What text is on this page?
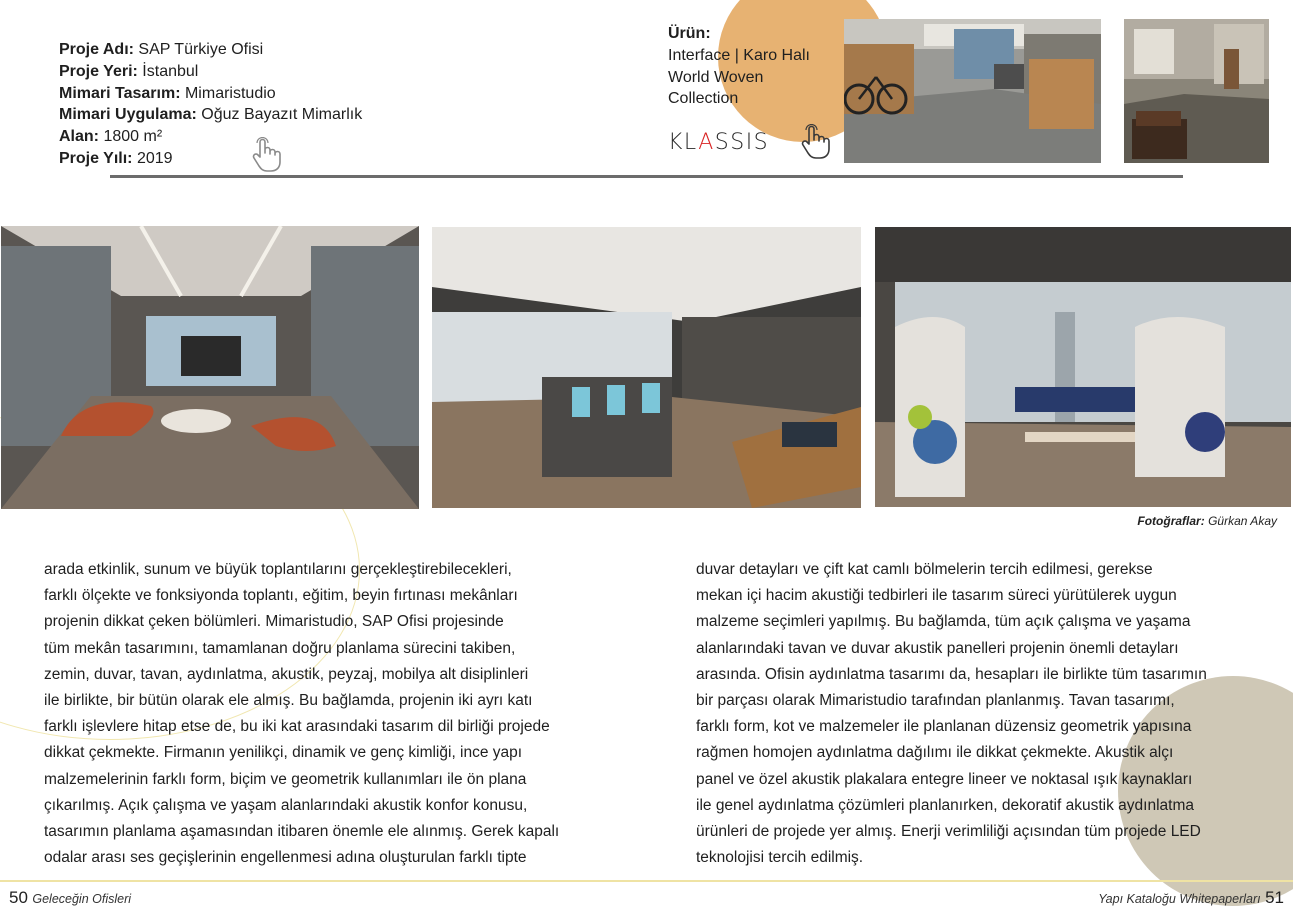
Proje Adı: SAP Türkiye Ofisi
Proje Yeri: İstanbul
Mimari Tasarım: Mimaristudio
Mimari Uygulama: Oğuz Bayazıt Mimarlık
Alan: 1800 m²
Proje Yılı: 2019
Ürün:
Interface | Karo Halı
World Woven
Collection
KLASSIS
Fotoğraflar: Gürkan Akay
arada etkinlik, sunum ve büyük toplantılarını gerçekleştirebilecekleri,
farklı ölçekte ve fonksiyonda toplantı, eğitim, beyin fırtınası mekânları
projenin dikkat çeken bölümleri. Mimaristudio, SAP Ofisi projesinde
tüm mekân tasarımını, tamamlanan doğru planlama sürecini takiben,
zemin, duvar, tavan, aydınlatma, akustik, peyzaj, mobilya alt disiplinleri
ile birlikte, bir bütün olarak ele almış. Bu bağlamda, projenin iki ayrı katı
farklı işlevlere hitap etse de, bu iki kat arasındaki tasarım dil birliği projede
dikkat çekmekte. Firmanın yenilikçi, dinamik ve genç kimliği, ince yapı
malzemelerinin farklı form, biçim ve geometrik kullanımları ile ön plana
çıkarılmış. Açık çalışma ve yaşam alanlarındaki akustik konfor konusu,
tasarımın planlama aşamasından itibaren önemle ele alınmış. Gerek kapalı
odalar arası ses geçişlerinin engellenmesi adına oluşturulan farklı tipte
duvar detayları ve çift kat camlı bölmelerin tercih edilmesi, gerekse
mekan içi hacim akustiği tedbirleri ile tasarım süreci yürütülerek uygun
malzeme seçimleri yapılmış. Bu bağlamda, tüm açık çalışma ve yaşama
alanlarındaki tavan ve duvar akustik panelleri projenin önemli detayları
arasında. Ofisin aydınlatma tasarımı da, hesapları ile birlikte tüm tasarımın
bir parçası olarak Mimaristudio tarafından planlanmış. Tavan tasarımı,
farklı form, kot ve malzemeler ile planlanan düzensiz geometrik yapısına
rağmen homojen aydınlatma dağılımı ile dikkat çekmekte. Akustik alçı
panel ve özel akustik plakalara entegre lineer ve noktasal ışık kaynakları
ile genel aydınlatma çözümleri planlanırken, dekoratif akustik aydınlatma
ürünleri de projede yer almış. Enerji verimliliği açısından tüm projede LED
teknolojisi tercih edilmiş.
50 Geleceğin Ofisleri	Yapı Kataloğu Whitepaperları 51
